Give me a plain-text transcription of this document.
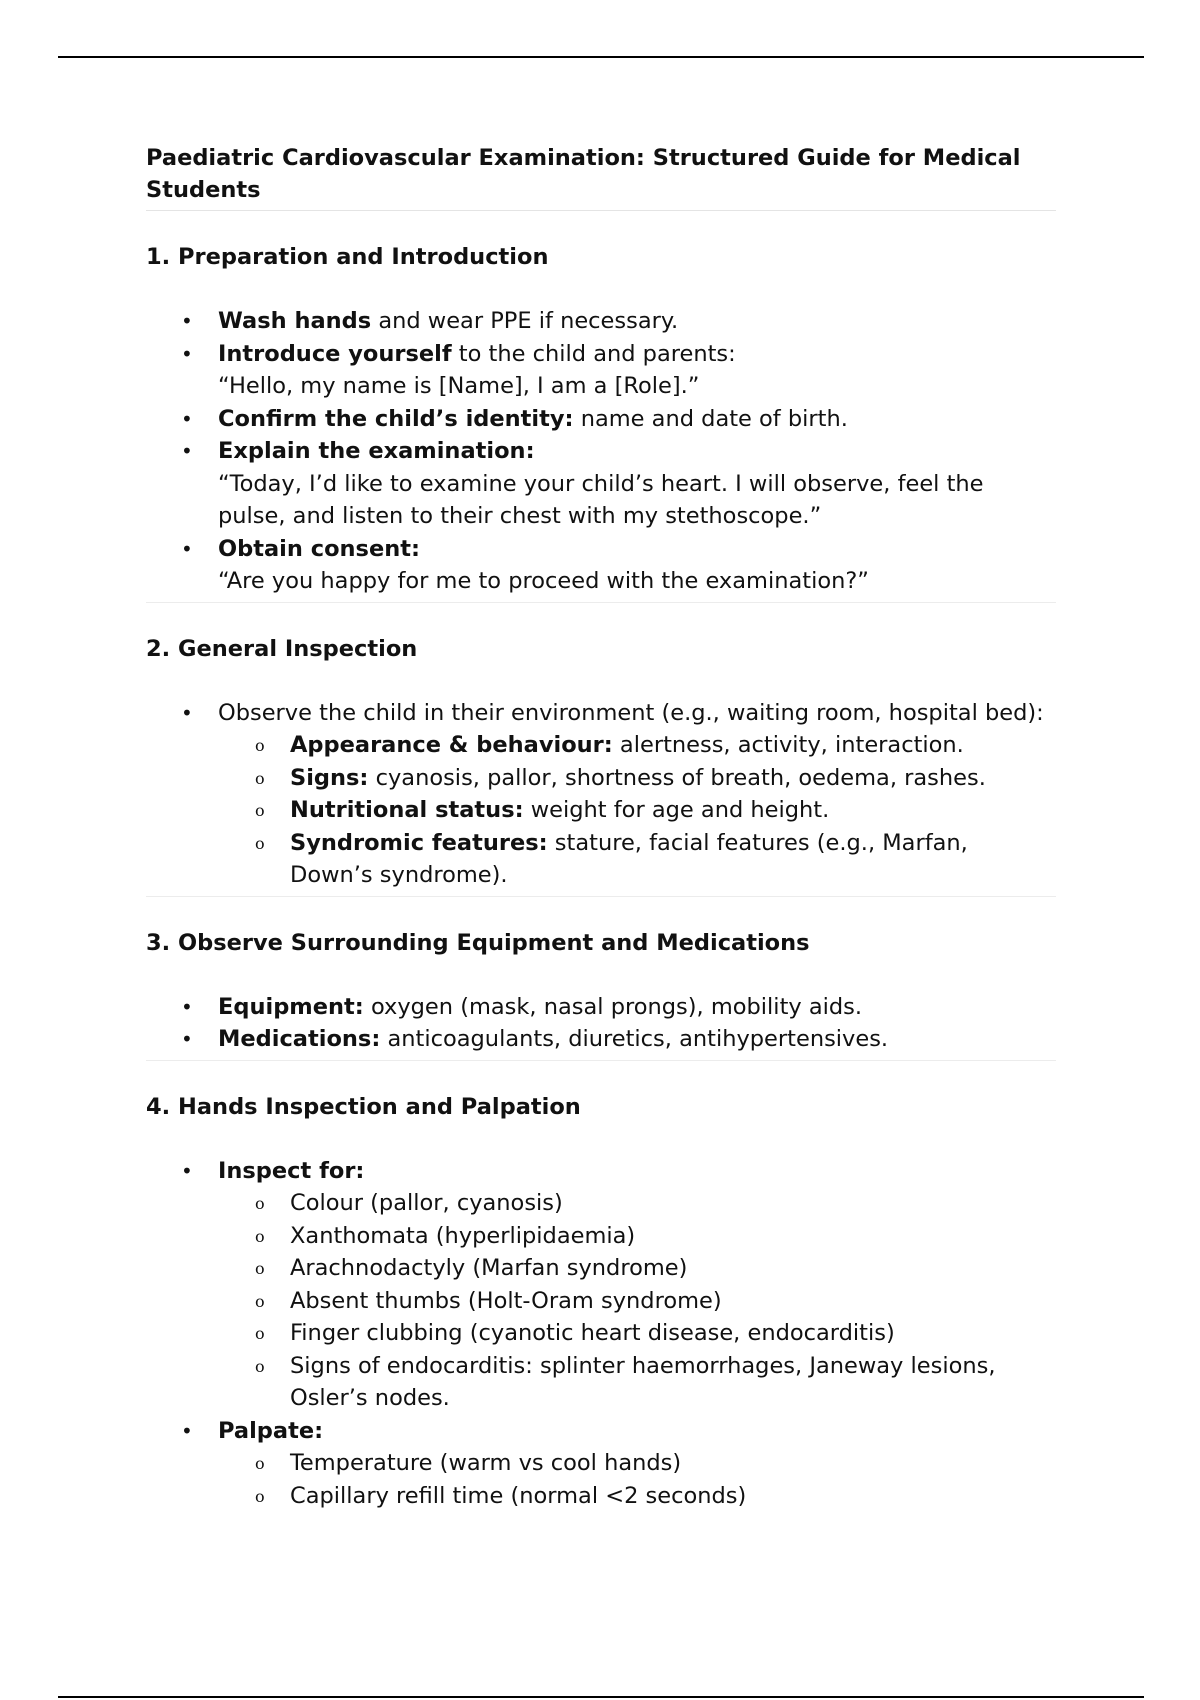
Paediatric Cardiovascular Examination: Structured Guide for Medical Students
1. Preparation and Introduction
• Wash hands and wear PPE if necessary.
• Introduce yourself to the child and parents:
“Hello, my name is [Name], I am a [Role].”
• Confirm the child’s identity: name and date of birth.
• Explain the examination:
“Today, I’d like to examine your child’s heart. I will observe, feel the pulse, and listen to their chest with my stethoscope.”
• Obtain consent:
“Are you happy for me to proceed with the examination?”
2. General Inspection
• Observe the child in their environment (e.g., waiting room, hospital bed):
o Appearance & behaviour: alertness, activity, interaction.
o Signs: cyanosis, pallor, shortness of breath, oedema, rashes.
o Nutritional status: weight for age and height.
o Syndromic features: stature, facial features (e.g., Marfan, Down’s syndrome).
3. Observe Surrounding Equipment and Medications
• Equipment: oxygen (mask, nasal prongs), mobility aids.
• Medications: anticoagulants, diuretics, antihypertensives.
4. Hands Inspection and Palpation
• Inspect for:
o Colour (pallor, cyanosis)
o Xanthomata (hyperlipidaemia)
o Arachnodactyly (Marfan syndrome)
o Absent thumbs (Holt-Oram syndrome)
o Finger clubbing (cyanotic heart disease, endocarditis)
o Signs of endocarditis: splinter haemorrhages, Janeway lesions, Osler’s nodes.
• Palpate:
o Temperature (warm vs cool hands)
o Capillary refill time (normal <2 seconds)
